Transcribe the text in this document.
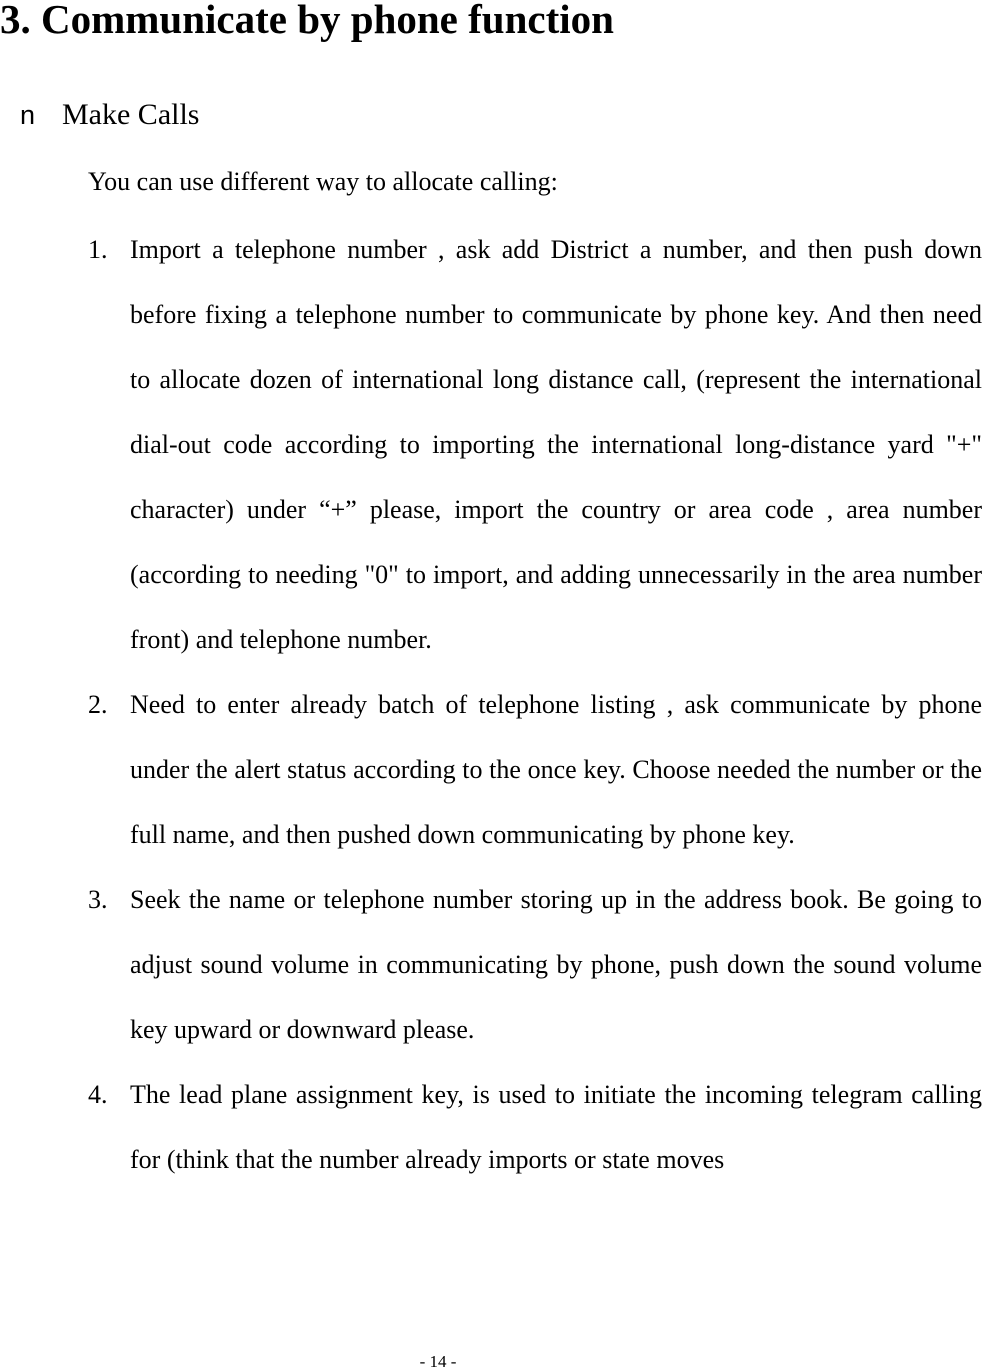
3. Communicate by phone function
n Make Calls

You can use different way to allocate calling:

1. Import a telephone number , ask add District a number, and then push down before fixing a telephone number to communicate by phone key. And then need to allocate dozen of international long distance call, (represent the international dial-out code according to importing the international long-distance yard "+" character) under “+” please, import the country or area code , area number (according to needing "0" to import, and adding unnecessarily in the area number front) and telephone number.

2. Need to enter already batch of telephone listing , ask communicate by phone under the alert status according to the once key. Choose needed the number or the full name, and then pushed down communicating by phone key.

3. Seek the name or telephone number storing up in the address book. Be going to adjust sound volume in communicating by phone, push down the sound volume key upward or downward please.

4. The lead plane assignment key, is used to initiate the incoming telegram calling for (think that the number already imports or state moves

- 14 -
